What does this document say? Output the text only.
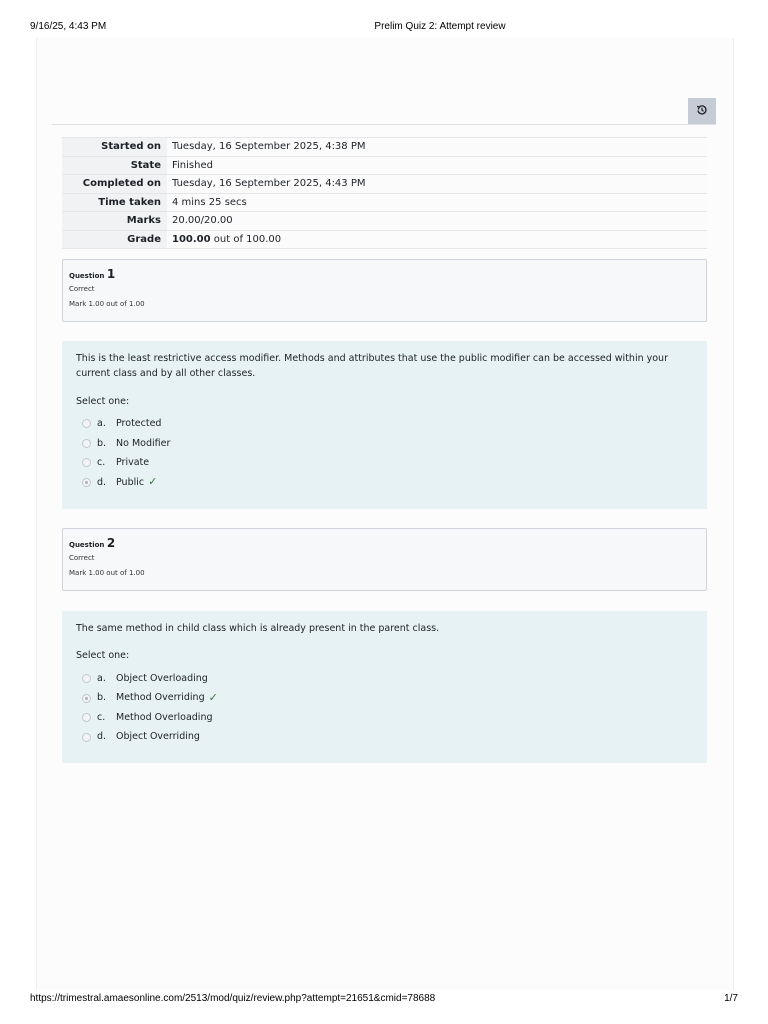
9/16/25, 4:43 PM	Prelim Quiz 2: Attempt review
Started on	Tuesday, 16 September 2025, 4:38 PM
State	Finished
Completed on	Tuesday, 16 September 2025, 4:43 PM
Time taken	4 mins 25 secs
Marks	20.00/20.00
Grade	100.00 out of 100.00
Question 1
Correct
Mark 1.00 out of 1.00
This is the least restrictive access modifier. Methods and attributes that use the public modifier can be accessed within your current class and by all other classes.
Select one:
a.	Protected
b.	No Modifier
c.	Private
d.	Public ✓
Question 2
Correct
Mark 1.00 out of 1.00
The same method in child class which is already present in the parent class.
Select one:
a.	Object Overloading
b.	Method Overriding ✓
c.	Method Overloading
d.	Object Overriding
https://trimestral.amaesonline.com/2513/mod/quiz/review.php?attempt=21651&cmid=78688	1/7
